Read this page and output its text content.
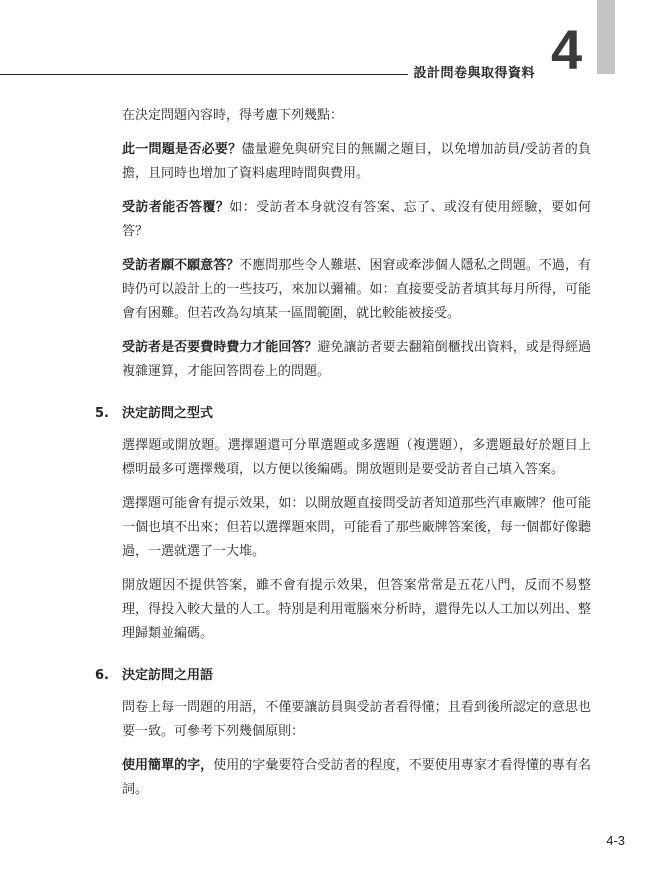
設計問卷與取得資料 4

在決定問題內容時，得考慮下列幾點：

此一問題是否必要？儘量避免與研究目的無關之題目，以免增加訪員/受訪者的負擔，且同時也增加了資料處理時間與費用。

受訪者能否答覆？如：受訪者本身就沒有答案、忘了、或沒有使用經驗，要如何答？

受訪者願不願意答？不應問那些令人難堪、困窘或牽涉個人隱私之問題。不過，有時仍可以設計上的一些技巧，來加以彌補。如：直接要受訪者填其每月所得，可能會有困難。但若改為勾填某一區間範圍，就比較能被接受。

受訪者是否要費時費力才能回答？避免讓訪者要去翻箱倒櫃找出資料，或是得經過複雜運算，才能回答問卷上的問題。

5.	決定訪問之型式

選擇題或開放題。選擇題還可分單選題或多選題（複選題），多選題最好於題目上標明最多可選擇幾項，以方便以後編碼。開放題則是要受訪者自己填入答案。

選擇題可能會有提示效果，如：以開放題直接問受訪者知道那些汽車廠牌？他可能一個也填不出來；但若以選擇題來問，可能看了那些廠牌答案後，每一個都好像聽過，一選就選了一大堆。

開放題因不提供答案，雖不會有提示效果，但答案常常是五花八門，反而不易整理，得投入較大量的人工。特別是利用電腦來分析時，還得先以人工加以列出、整理歸類並編碼。

6.	決定訪問之用語

問卷上每一問題的用語，不僅要讓訪員與受訪者看得懂；且看到後所認定的意思也要一致。可參考下列幾個原則：

使用簡單的字，使用的字彙要符合受訪者的程度，不要使用專家才看得懂的專有名詞。

4-3
